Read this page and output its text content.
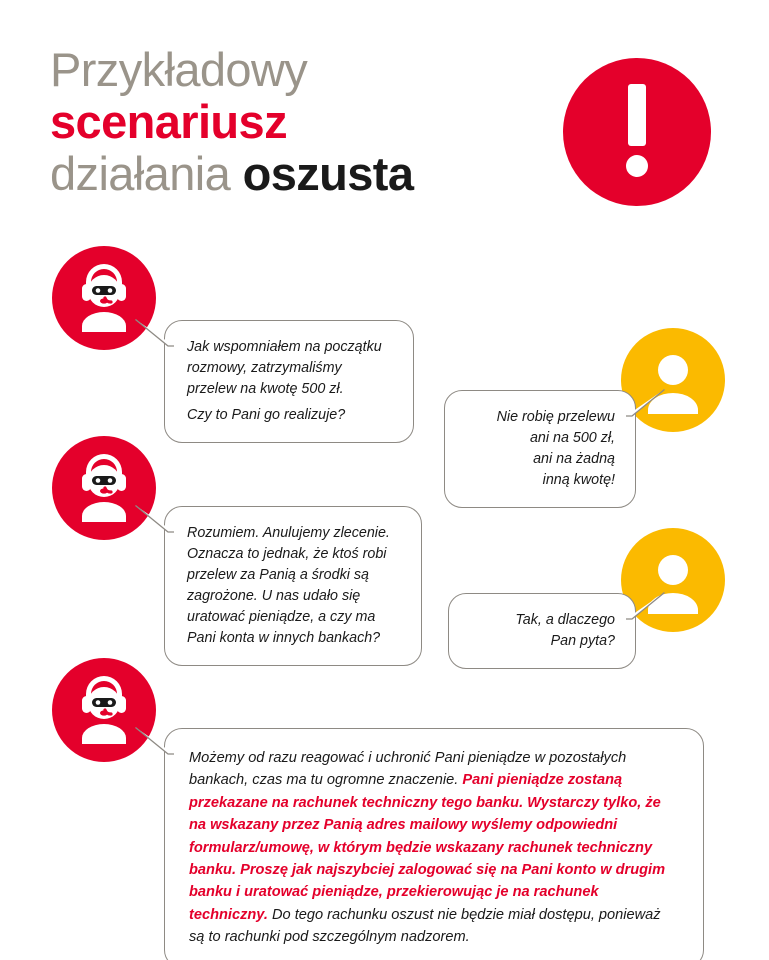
Przykładowy
scenariusz
działania oszusta

Jak wspomniałem na początku

rozmowy, zatrzymaliśmy

przelew na kwotę 500 zł.

Czy to Pani go realizuje?	Nie robię przelewu

ani na 500 zł,

ani na żadną

inną kwotę!

Rozumiem. Anulujemy zlecenie.

Oznacza to jednak, że ktoś robi

przelew za Panią a środki są

zagrożone. U nas udało się

uratować pieniądze, a czy ma

Pani konta w innych bankach?

Tak, a dlaczego

Pan pyta?

Możemy od razu reagować i uchronić Pani pieniądze w pozostałych bankach, czas ma tu ogromne znaczenie. Pani pieniądze zostaną przekazane na rachunek techniczny tego banku. Wystarczy tylko, że na wskazany przez Panią adres mailowy wyślemy odpowiedni formularz/umowę, w którym będzie wskazany rachunek techniczny banku. Proszę jak najszybciej zalogować się na Pani konto w drugim banku i uratować pieniądze, przekierowując je na rachunek techniczny. Do tego rachunku oszust nie będzie miał dostępu, ponieważ są to rachunki pod szczególnym nadzorem.
